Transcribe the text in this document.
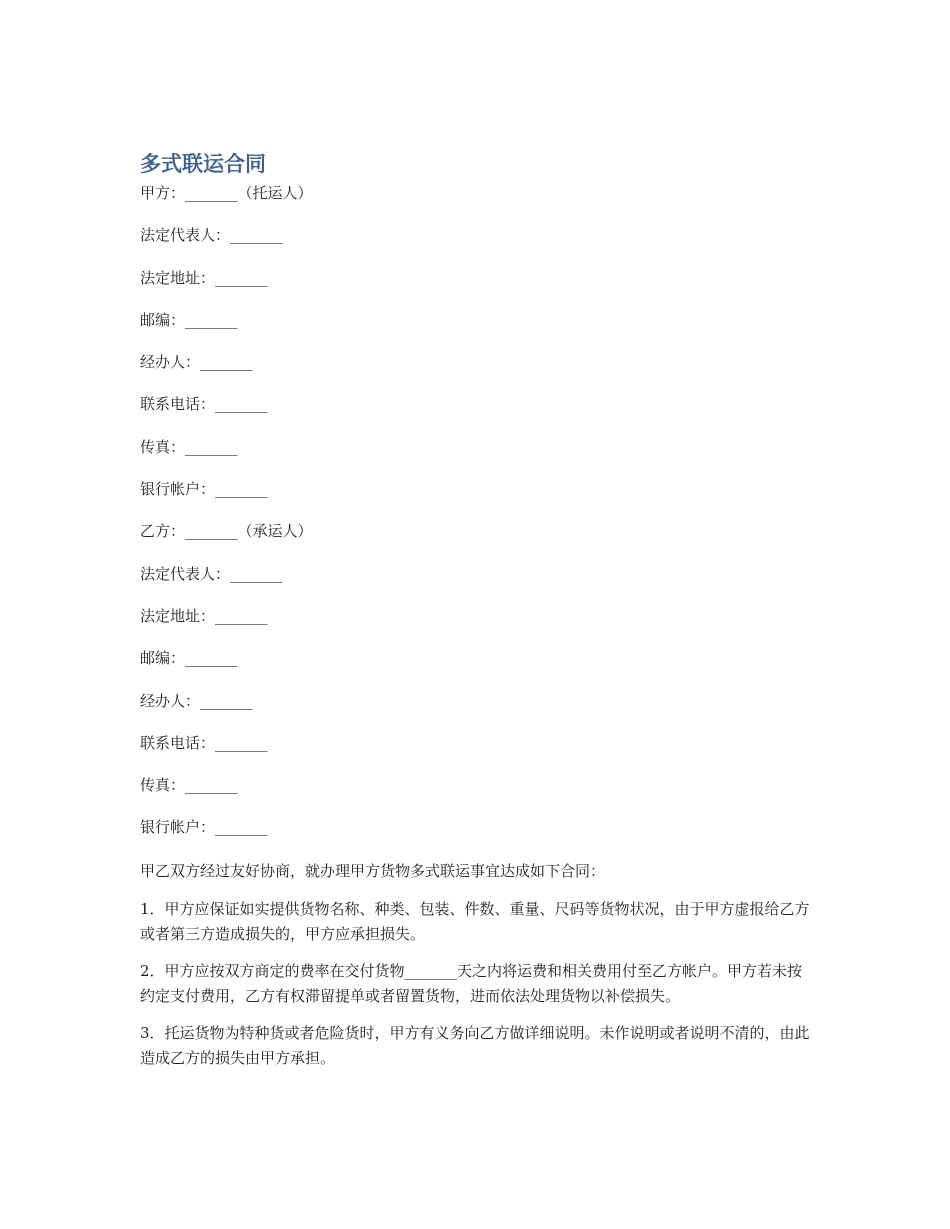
多式联运合同

甲方：_______（托运人）

法定代表人：_______

法定地址：_______

邮编：_______

经办人：_______

联系电话：_______

传真：_______

银行帐户：_______

乙方：_______（承运人）

法定代表人：_______

法定地址：_______

邮编：_______

经办人：_______

联系电话：_______

传真：_______

银行帐户：_______

甲乙双方经过友好协商，就办理甲方货物多式联运事宜达成如下合同：

1．甲方应保证如实提供货物名称、种类、包装、件数、重量、尺码等货物状况，由于甲方虚报给乙方或者第三方造成损失的，甲方应承担损失。

2．甲方应按双方商定的费率在交付货物_______天之内将运费和相关费用付至乙方帐户。甲方若未按约定支付费用，乙方有权滞留提单或者留置货物，进而依法处理货物以补偿损失。

3．托运货物为特种货或者危险货时，甲方有义务向乙方做详细说明。未作说明或者说明不清的，由此造成乙方的损失由甲方承担。
